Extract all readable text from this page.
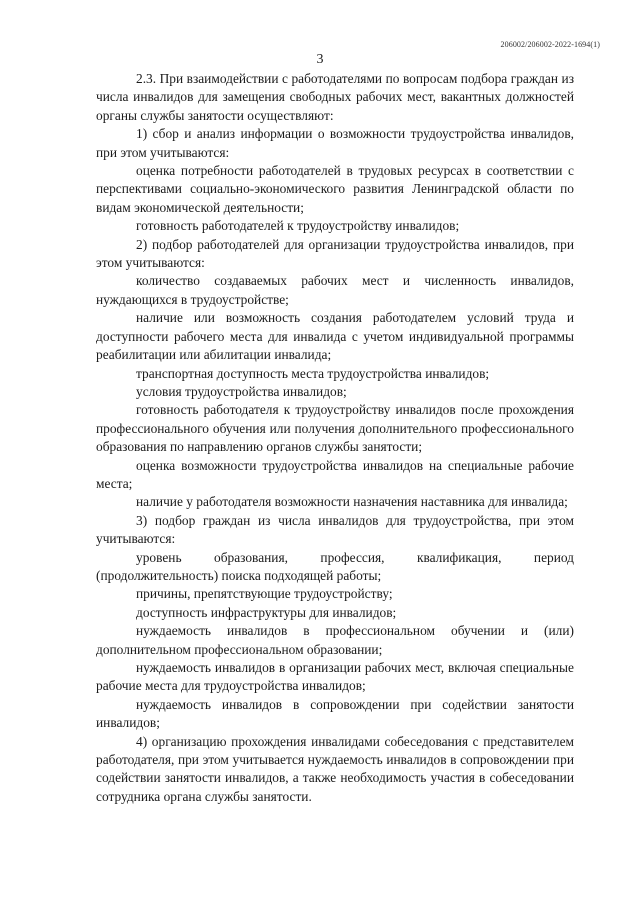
206002/206002-2022-1694(1)
3

2.3. При взаимодействии с работодателями по вопросам подбора граждан из числа инвалидов для замещения свободных рабочих мест, вакантных должностей органы службы занятости осуществляют:

1) сбор и анализ информации о возможности трудоустройства инвалидов, при этом учитываются:

оценка потребности работодателей в трудовых ресурсах в соответствии с перспективами социально-экономического развития Ленинградской области по видам экономической деятельности;

готовность работодателей к трудоустройству инвалидов;

2) подбор работодателей для организации трудоустройства инвалидов, при этом учитываются:

количество создаваемых рабочих мест и численность инвалидов, нуждающихся в трудоустройстве;

наличие или возможность создания работодателем условий труда и доступности рабочего места для инвалида с учетом индивидуальной программы реабилитации или абилитации инвалида;

транспортная доступность места трудоустройства инвалидов;

условия трудоустройства инвалидов;

готовность работодателя к трудоустройству инвалидов после прохождения профессионального обучения или получения дополнительного профессионального образования по направлению органов службы занятости;

оценка возможности трудоустройства инвалидов на специальные рабочие места;

наличие у работодателя возможности назначения наставника для инвалида;

3) подбор граждан из числа инвалидов для трудоустройства, при этом учитываются:

уровень образования, профессия, квалификация, период (продолжительность) поиска подходящей работы;

причины, препятствующие трудоустройству;

доступность инфраструктуры для инвалидов;

нуждаемость инвалидов в профессиональном обучении и (или) дополнительном профессиональном образовании;

нуждаемость инвалидов в организации рабочих мест, включая специальные рабочие места для трудоустройства инвалидов;

нуждаемость инвалидов в сопровождении при содействии занятости инвалидов;

4) организацию прохождения инвалидами собеседования с представителем работодателя, при этом учитывается нуждаемость инвалидов в сопровождении при содействии занятости инвалидов, а также необходимость участия в собеседовании сотрудника органа службы занятости.
